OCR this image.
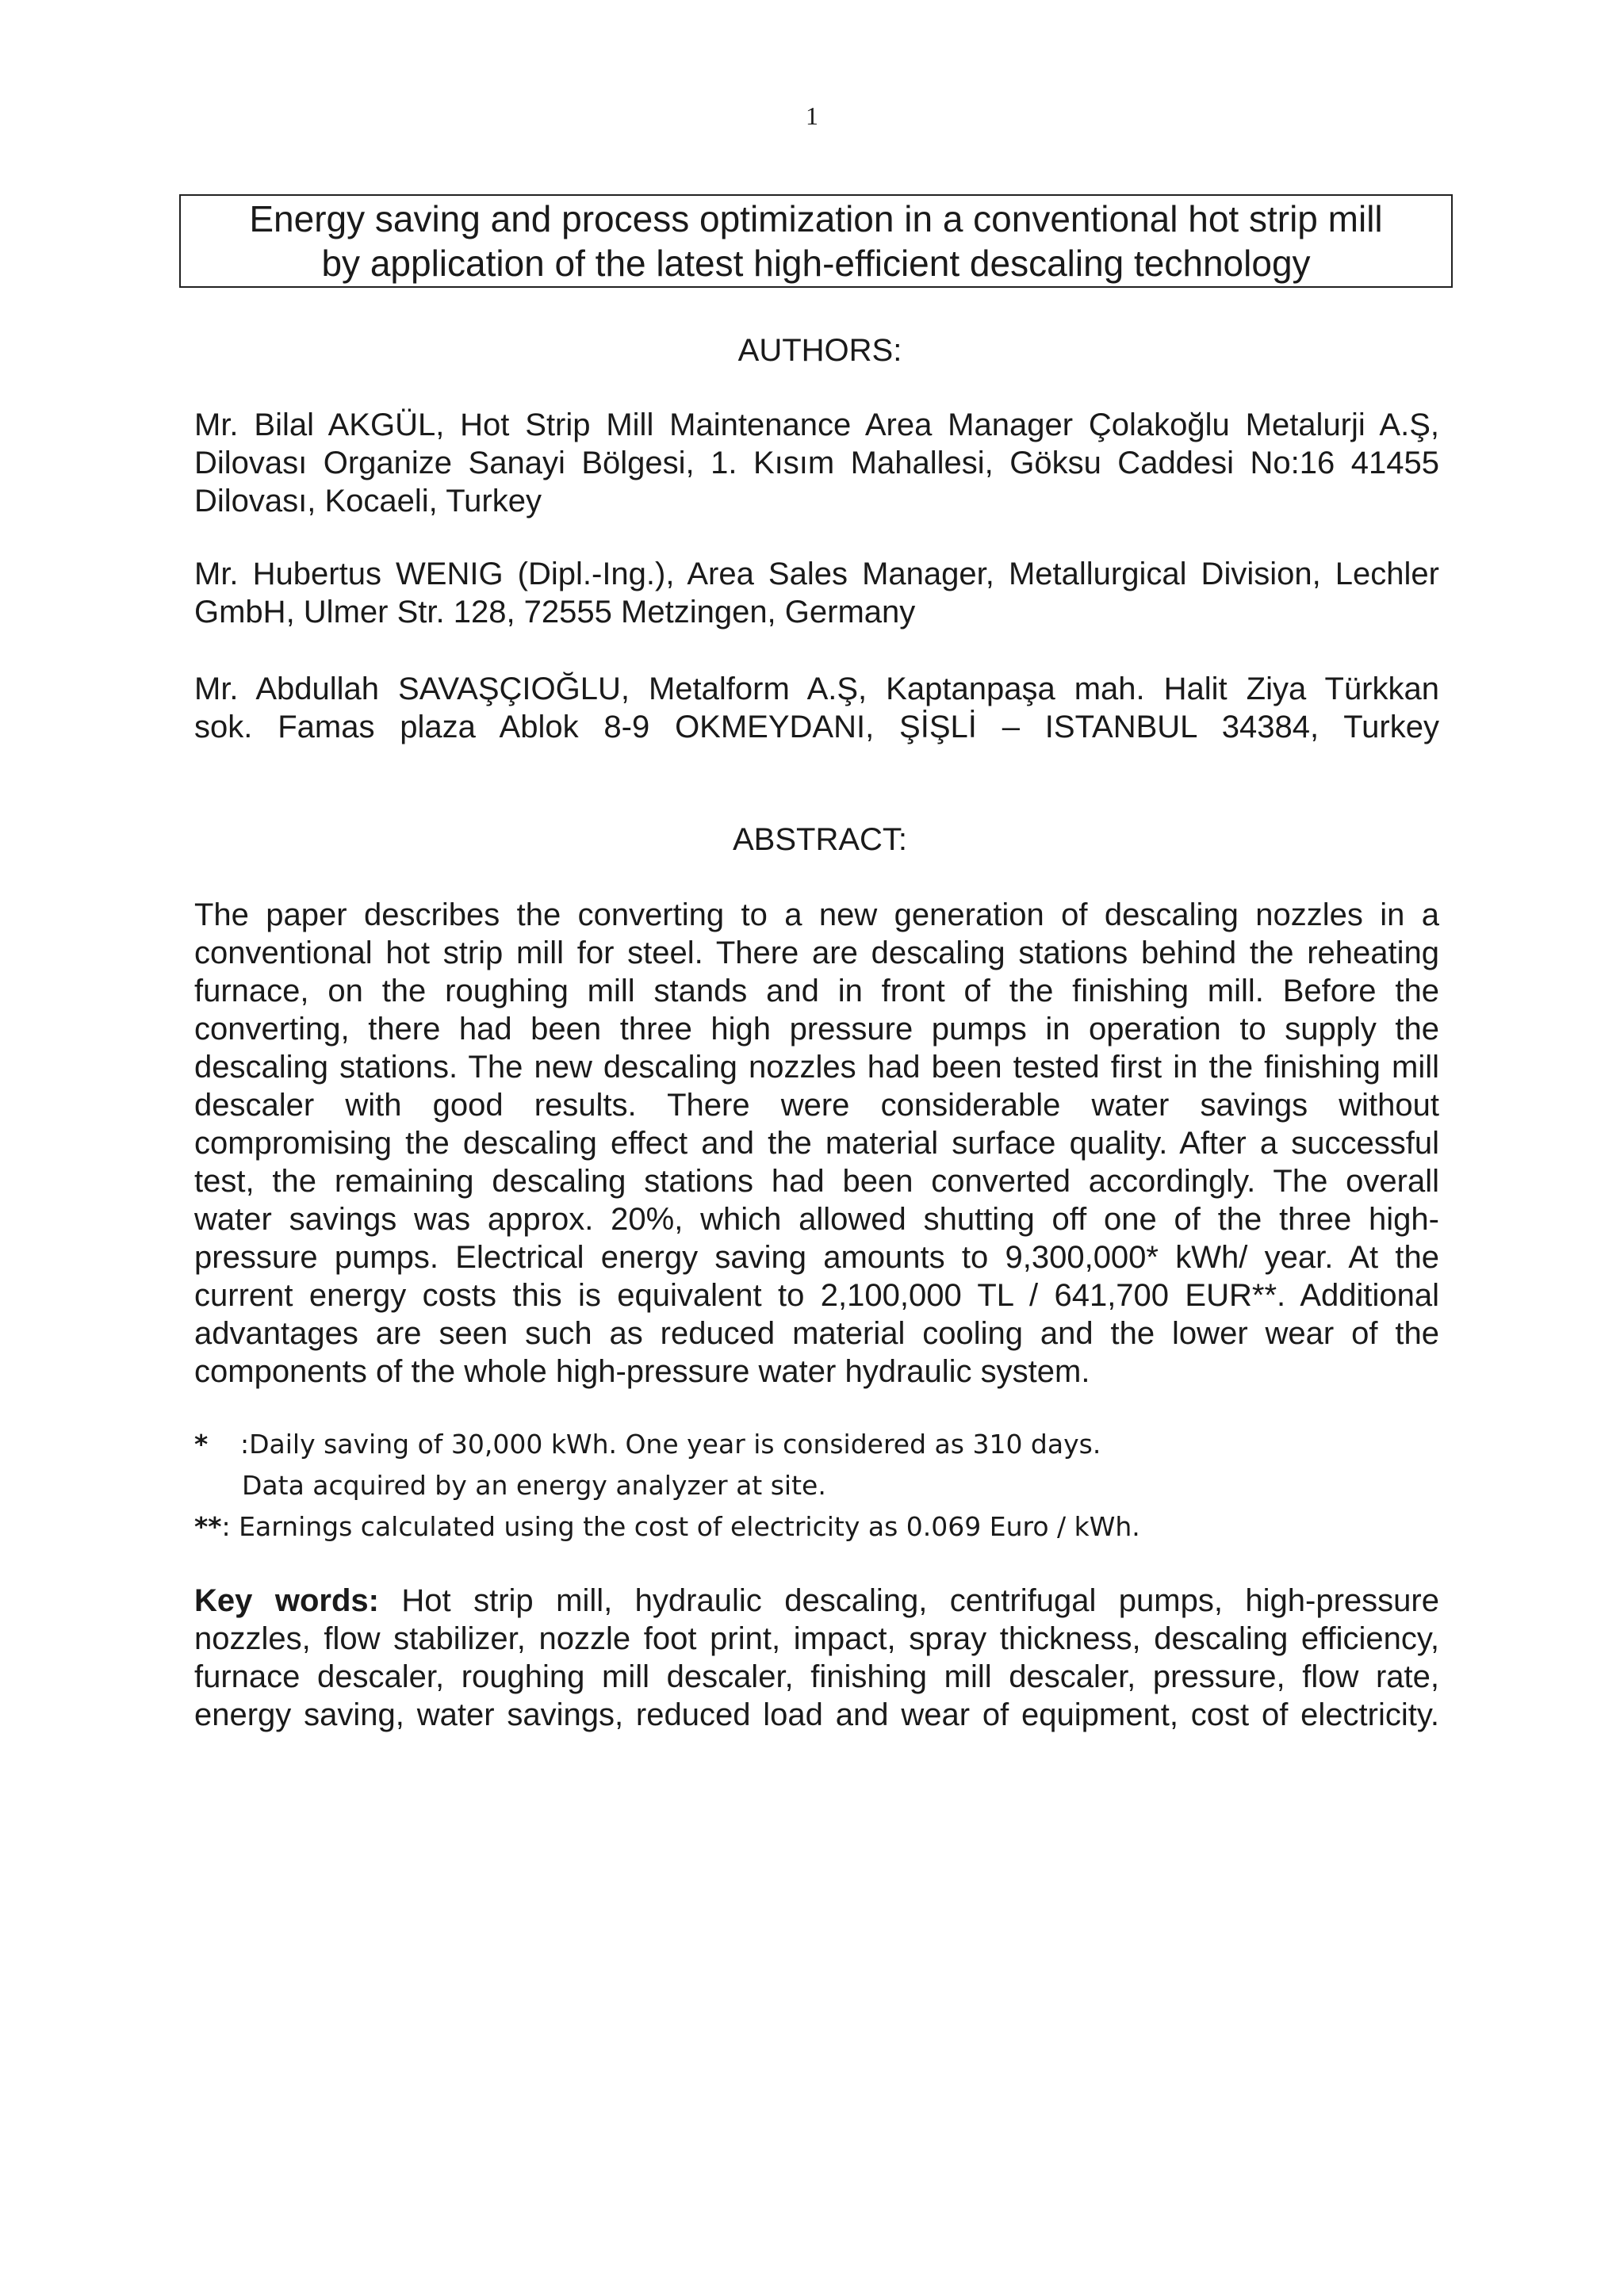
1
Energy saving and process optimization in a conventional hot strip mill
by application of the latest high-efficient descaling technology
AUTHORS:
Mr. Bilal AKGÜL, Hot Strip Mill Maintenance Area Manager Çolakoğlu Metalurji A.Ş,
Dilovası Organize Sanayi Bölgesi, 1. Kısım Mahallesi, Göksu Caddesi No:16 41455
Dilovası, Kocaeli, Turkey
Mr. Hubertus WENIG (Dipl.-Ing.), Area Sales Manager, Metallurgical Division, Lechler
GmbH, Ulmer Str. 128, 72555 Metzingen, Germany
Mr. Abdullah SAVAŞÇIOĞLU, Metalform A.Ş, Kaptanpaşa mah. Halit Ziya Türkkan
sok. Famas plaza Ablok 8-9 OKMEYDANI, ŞİŞLİ – ISTANBUL 34384, Turkey
ABSTRACT:
The paper describes the converting to a new generation of descaling nozzles in a
conventional hot strip mill for steel. There are descaling stations behind the reheating
furnace, on the roughing mill stands and in front of the finishing mill. Before the
converting, there had been three high pressure pumps in operation to supply the
descaling stations. The new descaling nozzles had been tested first in the finishing mill
descaler with good results. There were considerable water savings without
compromising the descaling effect and the material surface quality. After a successful
test, the remaining descaling stations had been converted accordingly. The overall
water savings was approx. 20%, which allowed shutting off one of the three high-
pressure pumps. Electrical energy saving amounts to 9,300,000* kWh/ year. At the
current energy costs this is equivalent to 2,100,000 TL / 641,700 EUR**. Additional
advantages are seen such as reduced material cooling and the lower wear of the
components of the whole high-pressure water hydraulic system.
* :Daily saving of 30,000 kWh. One year is considered as 310 days.
Data acquired by an energy analyzer at site.
**: Earnings calculated using the cost of electricity as 0.069 Euro / kWh.
Key words: Hot strip mill, hydraulic descaling, centrifugal pumps, high-pressure
nozzles, flow stabilizer, nozzle foot print, impact, spray thickness, descaling efficiency,
furnace descaler, roughing mill descaler, finishing mill descaler, pressure, flow rate,
energy saving, water savings, reduced load and wear of equipment, cost of electricity.
